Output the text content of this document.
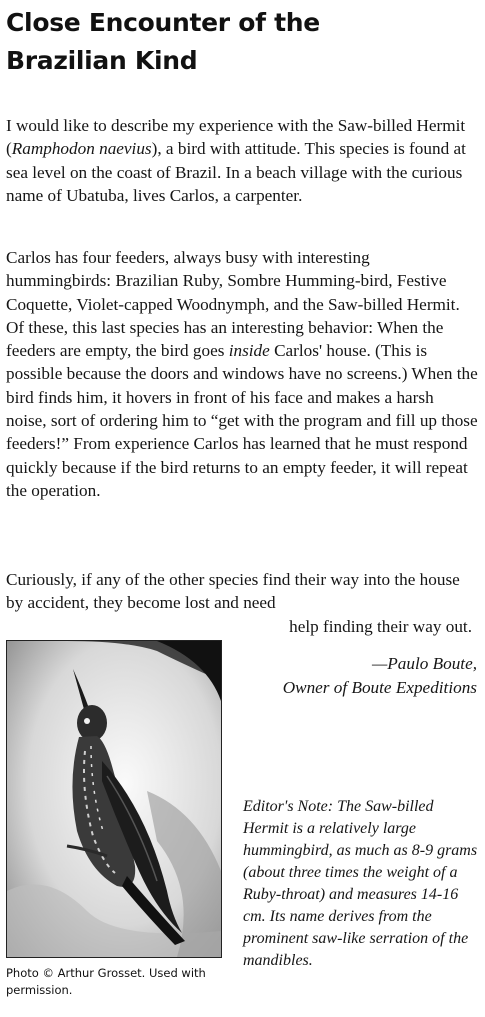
Close Encounter of the
Brazilian Kind

I would like to describe my experience with the Saw-billed Hermit (Ramphodon naevius), a bird with attitude. This species is found at sea level on the coast of Brazil. In a beach village with the curious name of Ubatuba, lives Carlos, a carpenter.

Carlos has four feeders, always busy with interesting hummingbirds: Brazilian Ruby, Sombre Humming-bird, Festive Coquette, Violet-capped Woodnymph, and the Saw-billed Hermit. Of these, this last species has an interesting behavior: When the feeders are empty, the bird goes inside Carlos' house. (This is possible because the doors and windows have no screens.) When the bird finds him, it hovers in front of his face and makes a harsh noise, sort of ordering him to “get with the program and fill up those feeders!” From experience Carlos has learned that he must respond quickly because if the bird returns to an empty feeder, it will repeat the operation.

Curiously, if any of the other species find their way into the house by accident, they become lost and need
help finding their way out.

—Paulo Boute,
Owner of Boute Expeditions
Photo © Arthur Grosset. Used with permission.
Editor's Note: The Saw-billed Hermit is a relatively large hummingbird, as much as 8-9 grams (about three times the weight of a Ruby-throat) and measures 14-16 cm. Its name derives from the prominent saw-like serration of the mandibles.
